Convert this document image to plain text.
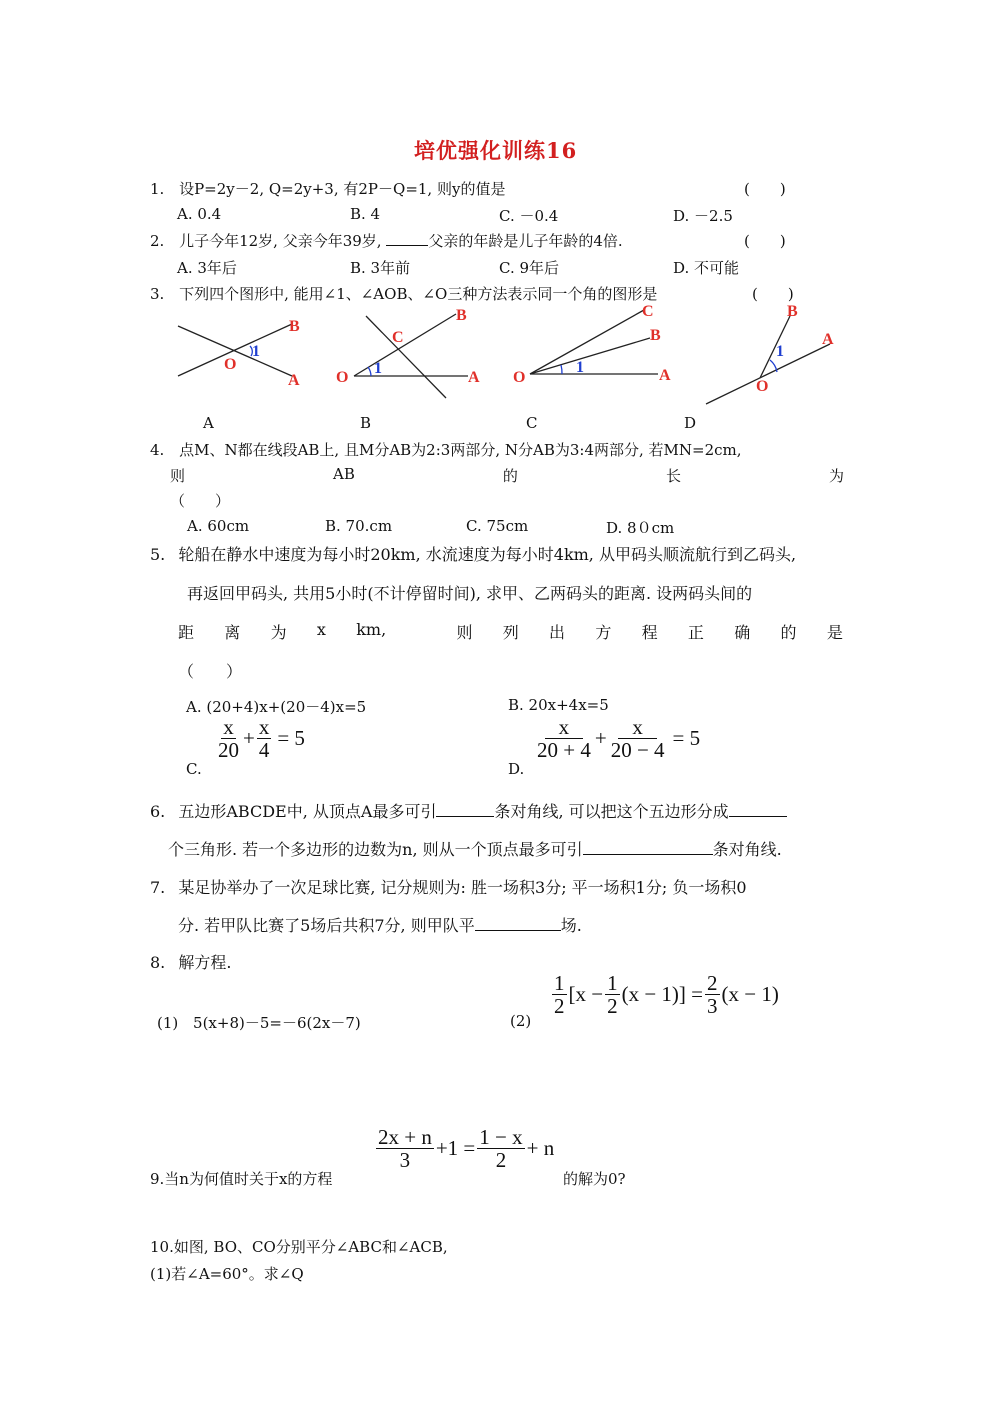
培优强化训练16
1. 设P=2y－2, Q=2y+3, 有2P－Q=1, 则y的值是	(　　)
A. 0.4	B. 4	C. －0.4	D. －2.5
2. 儿子今年12岁, 父亲今年39岁,	父亲的年龄是儿子年龄的4倍.	(　　)
A. 3年后	B. 3年前	C. 9年后	D. 不可能
3. 下列四个图形中, 能用∠1、∠AOB、∠O三种方法表示同一个角的图形是	(　　)
B
A
O
1
B
C
O	A
1
C
B
O	A
1
B
A
O
1
A	B	C	D
4. 点M、N都在线段AB上, 且M分AB为2:3两部分, N分AB为3:4两部分, 若MN=2cm,
则	AB	的	长	为
（　　）
A. 60cm	B. 70.cm	C. 75cm	D. 8０cm
5. 轮船在静水中速度为每小时20km, 水流速度为每小时4km, 从甲码头顺流航行到乙码头,
再返回甲码头, 共用5小时(不计停留时间), 求甲、乙两码头的距离. 设两码头间的
距 离 为 x km,	则 列 出 方 程 正 确 的 是
（　　）
A. (20+4)x+(20－4)x=5	B. 20x+4x=5
C.
$\frac{x}{20} + \frac{x}{4} = 5$
D.
$\frac{x}{20 + 4} + \frac{x}{20 - 4} = 5$
6. 五边形ABCDE中, 从顶点A最多可引	条对角线, 可以把这个五边形分成
个三角形. 若一个多边形的边数为n, 则从一个顶点最多可引	条对角线.
7. 某足协举办了一次足球比赛, 记分规则为: 胜一场积3分; 平一场积1分; 负一场积0
分. 若甲队比赛了5场后共积7分, 则甲队平	场.
8. 解方程.
(1) 5(x+8)－5=－6(2x－7)	(2)
$\frac{1}{2} [x - \frac{1}{2} (x - 1)] = \frac{2}{3} (x - 1)$
9.当n为何值时关于x的方程
$\frac{2x + n}{3} +1 = \frac{1 - x}{2} + n$
的解为0?
10.如图, BO、CO分别平分∠ABC和∠ACB,
(1)若∠A=60°。求∠Q
